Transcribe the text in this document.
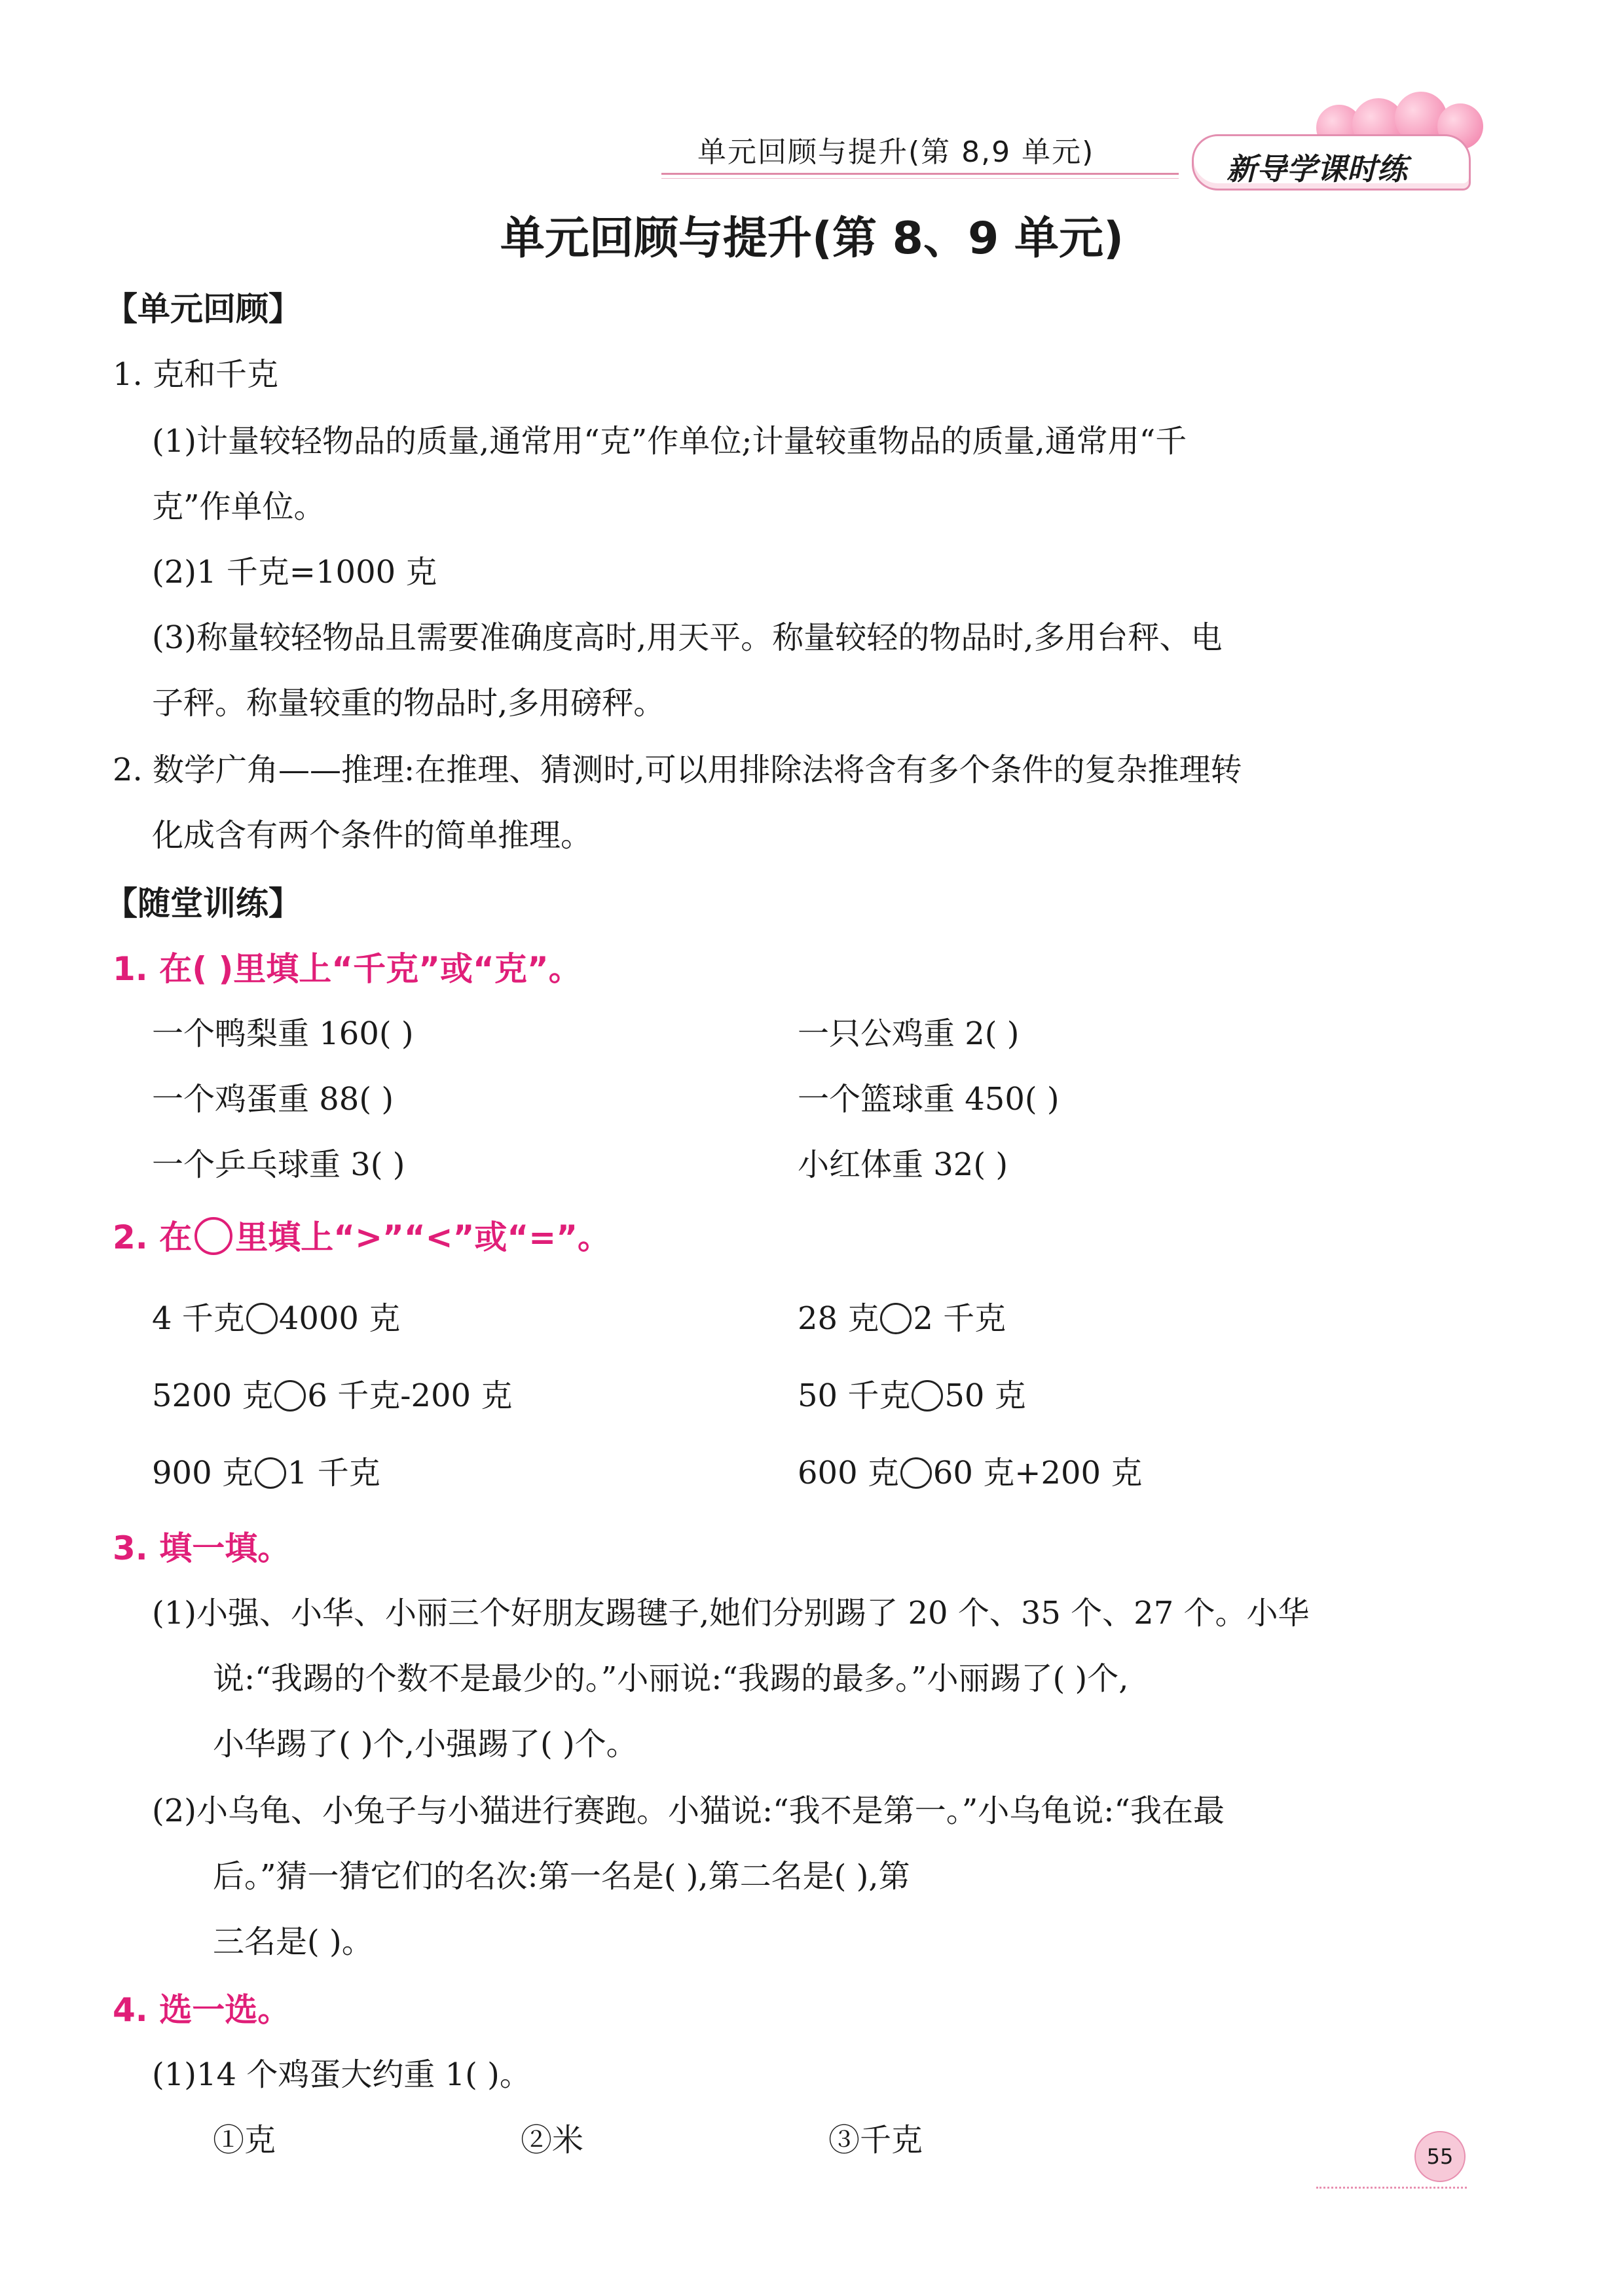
单元回顾与提升(第 8,9 单元)	新导学课时练
单元回顾与提升(第 8、9 单元)
【单元回顾】
1. 克和千克
(1)计量较轻物品的质量,通常用“克”作单位;计量较重物品的质量,通常用“千
克”作单位。
(2)1 千克=1000 克
(3)称量较轻物品且需要准确度高时,用天平。称量较轻的物品时,多用台秤、电
子秤。称量较重的物品时,多用磅秤。
2. 数学广角——推理:在推理、猜测时,可以用排除法将含有多个条件的复杂推理转
化成含有两个条件的简单推理。
【随堂训练】
1. 在( )里填上“千克”或“克”。
一个鸭梨重 160( )	一只公鸡重 2( )
一个鸡蛋重 88( )	一个篮球重 450( )
一个乒乓球重 3( )	小红体重 32( )
2. 在 里填上“>”“<”或“=”。
4 千克 4000 克	28 克 2 千克
5200 克 6 千克-200 克	50 千克 50 克
900 克 1 千克	600 克 60 克+200 克
3. 填一填。
(1)小强、小华、小丽三个好朋友踢毽子,她们分别踢了 20 个、35 个、27 个。小华
说:“我踢的个数不是最少的。”小丽说:“我踢的最多。”小丽踢了( )个,
小华踢了( )个,小强踢了( )个。
(2)小乌龟、小兔子与小猫进行赛跑。小猫说:“我不是第一。”小乌龟说:“我在最
后。”猜一猜它们的名次:第一名是( ),第二名是( ),第
三名是( )。
4. 选一选。
(1)14 个鸡蛋大约重 1( )。
①克	②米	③千克	55
